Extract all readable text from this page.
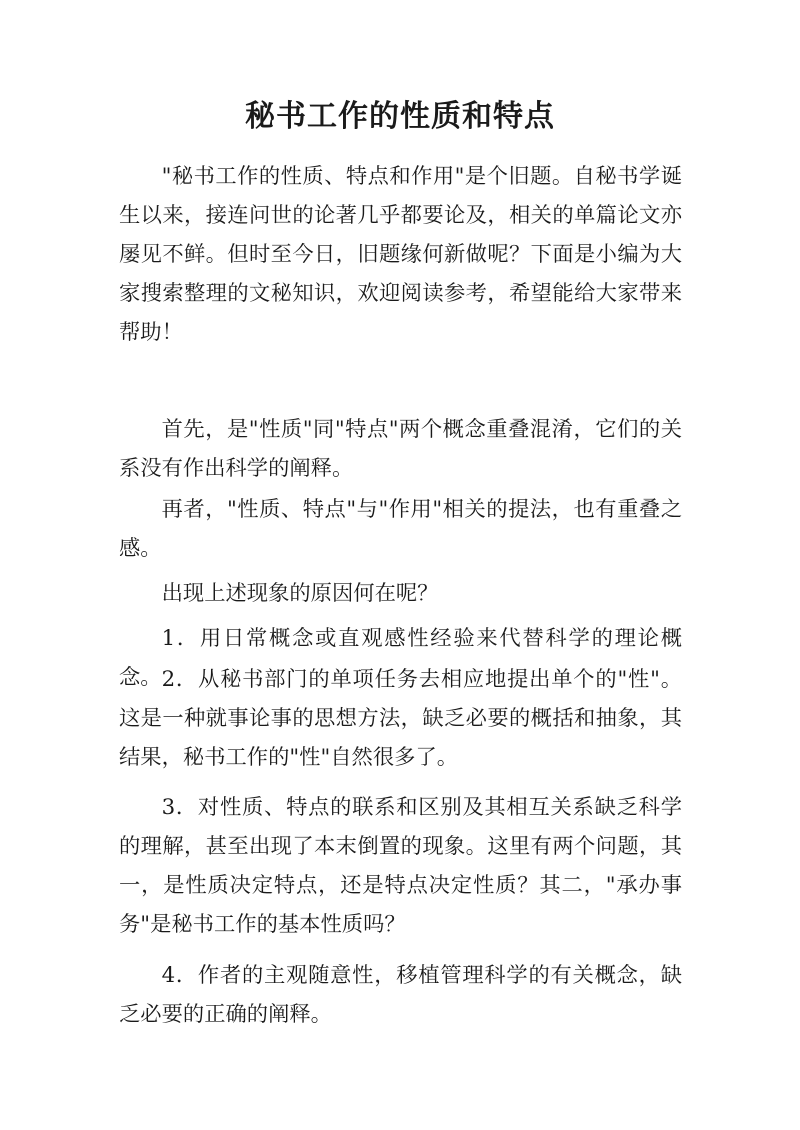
秘书工作的性质和特点

"秘书工作的性质、特点和作用"是个旧题。自秘书学诞生以来，接连问世的论著几乎都要论及，相关的单篇论文亦屡见不鲜。但时至今日，旧题缘何新做呢？下面是小编为大家搜索整理的文秘知识，欢迎阅读参考，希望能给大家带来帮助！

首先，是"性质"同"特点"两个概念重叠混淆，它们的关系没有作出科学的阐释。

再者，"性质、特点"与"作用"相关的提法，也有重叠之感。

出现上述现象的原因何在呢？

1．用日常概念或直观感性经验来代替科学的理论概念。 2．从秘书部门的单项任务去相应地提出单个的"性"。这是一种就事论事的思想方法，缺乏必要的概括和抽象，其结果，秘书工作的"性"自然很多了。

3．对性质、特点的联系和区别及其相互关系缺乏科学的理解，甚至出现了本末倒置的现象。这里有两个问题，其一，是性质决定特点，还是特点决定性质？其二，"承办事务"是秘书工作的基本性质吗？

4．作者的主观随意性，移植管理科学的有关概念，缺乏必要的正确的阐释。
